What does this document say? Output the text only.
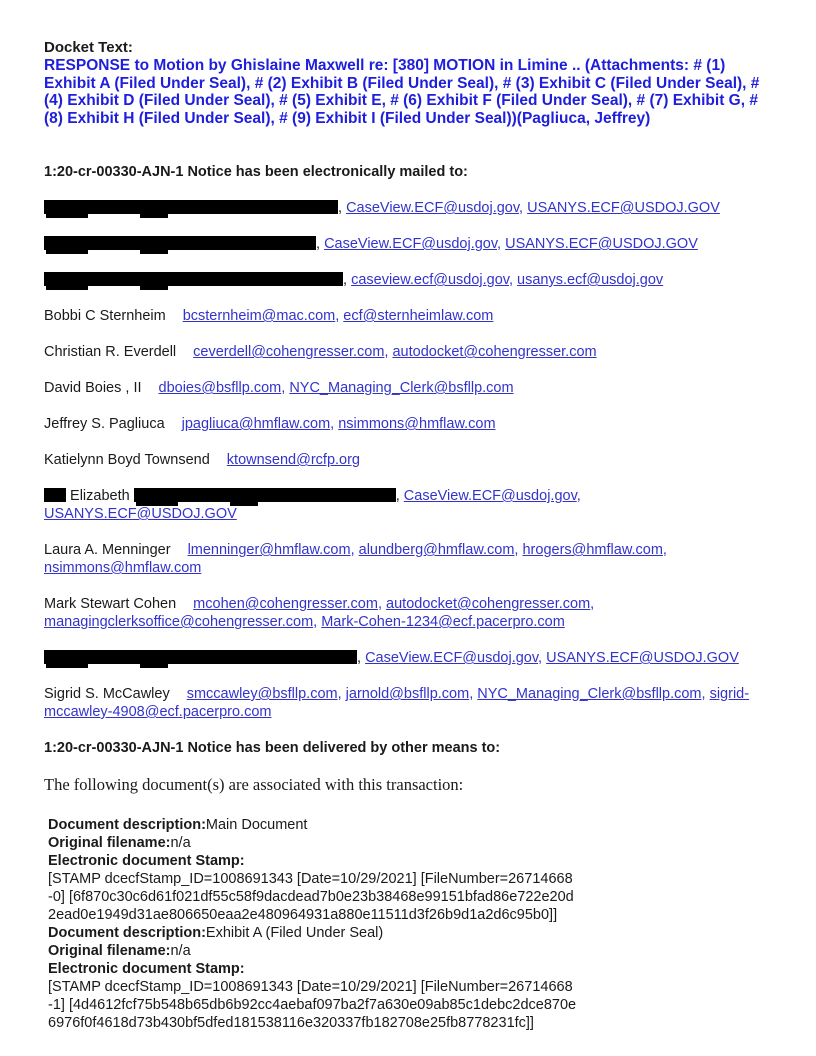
Docket Text:
RESPONSE to Motion by Ghislaine Maxwell re: [380] MOTION in Limine .. (Attachments: # (1) Exhibit A (Filed Under Seal), # (2) Exhibit B (Filed Under Seal), # (3) Exhibit C (Filed Under Seal), # (4) Exhibit D (Filed Under Seal), # (5) Exhibit E, # (6) Exhibit F (Filed Under Seal), # (7) Exhibit G, # (8) Exhibit H (Filed Under Seal), # (9) Exhibit I (Filed Under Seal))(Pagliuca, Jeffrey)
1:20-cr-00330-AJN-1 Notice has been electronically mailed to:
, CaseView.ECF@usdoj.gov, USANYS.ECF@USDOJ.GOV
, CaseView.ECF@usdoj.gov, USANYS.ECF@USDOJ.GOV
, caseview.ecf@usdoj.gov, usanys.ecf@usdoj.gov
Bobbi C Sternheim bcsternheim@mac.com, ecf@sternheimlaw.com
Christian R. Everdell ceverdell@cohengresser.com, autodocket@cohengresser.com
David Boies , II dboies@bsfllp.com, NYC_Managing_Clerk@bsfllp.com
Jeffrey S. Pagliuca jpagliuca@hmflaw.com, nsimmons@hmflaw.com
Katielynn Boyd Townsend ktownsend@rcfp.org
Elizabeth	, CaseView.ECF@usdoj.gov, USANYS.ECF@USDOJ.GOV
Laura A. Menninger lmenninger@hmflaw.com, alundberg@hmflaw.com, hrogers@hmflaw.com, nsimmons@hmflaw.com
Mark Stewart Cohen mcohen@cohengresser.com, autodocket@cohengresser.com, managingclerksoffice@cohengresser.com, Mark-Cohen-1234@ecf.pacerpro.com
, CaseView.ECF@usdoj.gov, USANYS.ECF@USDOJ.GOV
Sigrid S. McCawley smccawley@bsfllp.com, jarnold@bsfllp.com, NYC_Managing_Clerk@bsfllp.com, sigrid-mccawley-4908@ecf.pacerpro.com
1:20-cr-00330-AJN-1 Notice has been delivered by other means to:
The following document(s) are associated with this transaction:
Document description:Main Document
Original filename:n/a
Electronic document Stamp:
[STAMP dcecfStamp_ID=1008691343 [Date=10/29/2021] [FileNumber=26714668
-0] [6f870c30c6d61f021df55c58f9dacdead7b0e23b38468e99151bfad86e722e20d
2ead0e1949d31ae806650eaa2e480964931a880e11511d3f26b9d1a2d6c95b0]]
Document description:Exhibit A (Filed Under Seal)
Original filename:n/a
Electronic document Stamp:
[STAMP dcecfStamp_ID=1008691343 [Date=10/29/2021] [FileNumber=26714668
-1] [4d4612fcf75b548b65db6b92cc4aebaf097ba2f7a630e09ab85c1debc2dce870e
6976f0f4618d73b430bf5dfed181538116e320337fb182708e25fb8778231fc]]
